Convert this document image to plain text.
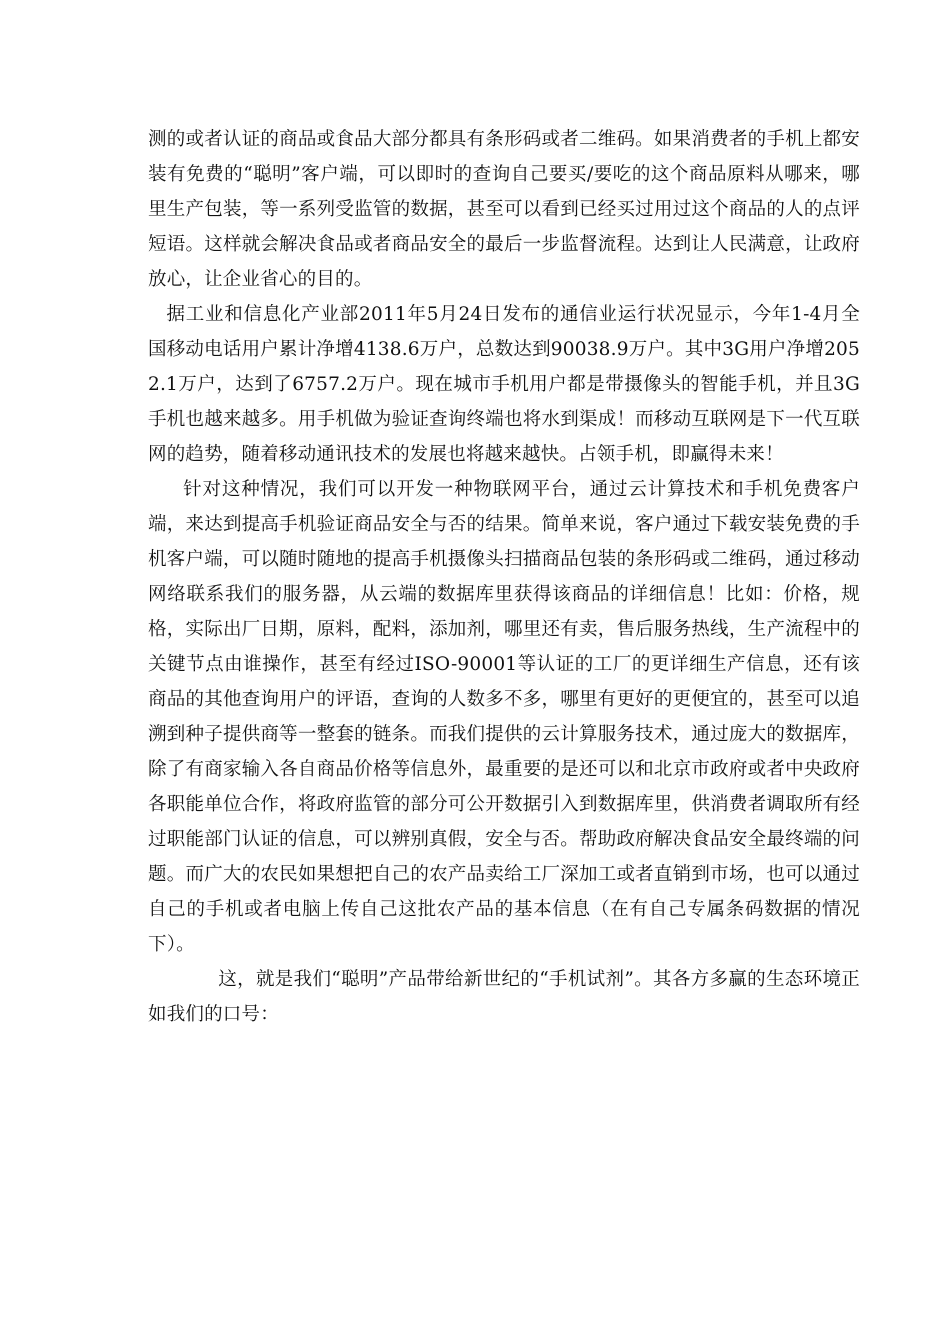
测的或者认证的商品或食品大部分都具有条形码或者二维码。如果消费者的手机上都安装有免费的“聪明”客户端，可以即时的查询自己要买/要吃的这个商品原料从哪来，哪里生产包装，等一系列受监管的数据，甚至可以看到已经买过用过这个商品的人的点评短语。这样就会解决食品或者商品安全的最后一步监督流程。达到让人民满意，让政府放心，让企业省心的目的。

据工业和信息化产业部2011年5月24日发布的通信业运行状况显示，今年1-4月全国移动电话用户累计净增4138.6万户，总数达到90038.9万户。其中3G用户净增2052.1万户，达到了6757.2万户。现在城市手机用户都是带摄像头的智能手机，并且3G手机也越来越多。用手机做为验证查询终端也将水到渠成！而移动互联网是下一代互联网的趋势，随着移动通讯技术的发展也将越来越快。占领手机，即赢得未来！

针对这种情况，我们可以开发一种物联网平台，通过云计算技术和手机免费客户端，来达到提高手机验证商品安全与否的结果。简单来说，客户通过下载安装免费的手机客户端，可以随时随地的提高手机摄像头扫描商品包装的条形码或二维码，通过移动网络联系我们的服务器，从云端的数据库里获得该商品的详细信息！比如：价格，规格，实际出厂日期，原料，配料，添加剂，哪里还有卖，售后服务热线，生产流程中的关键节点由谁操作，甚至有经过ISO-90001等认证的工厂的更详细生产信息，还有该商品的其他查询用户的评语，查询的人数多不多，哪里有更好的更便宜的，甚至可以追溯到种子提供商等一整套的链条。而我们提供的云计算服务技术，通过庞大的数据库，除了有商家输入各自商品价格等信息外，最重要的是还可以和北京市政府或者中央政府各职能单位合作，将政府监管的部分可公开数据引入到数据库里，供消费者调取所有经过职能部门认证的信息，可以辨别真假，安全与否。帮助政府解决食品安全最终端的问题。而广大的农民如果想把自己的农产品卖给工厂深加工或者直销到市场，也可以通过自己的手机或者电脑上传自己这批农产品的基本信息（在有自己专属条码数据的情况下）。

这，就是我们“聪明”产品带给新世纪的“手机试剂”。其各方多赢的生态环境正如我们的口号：
